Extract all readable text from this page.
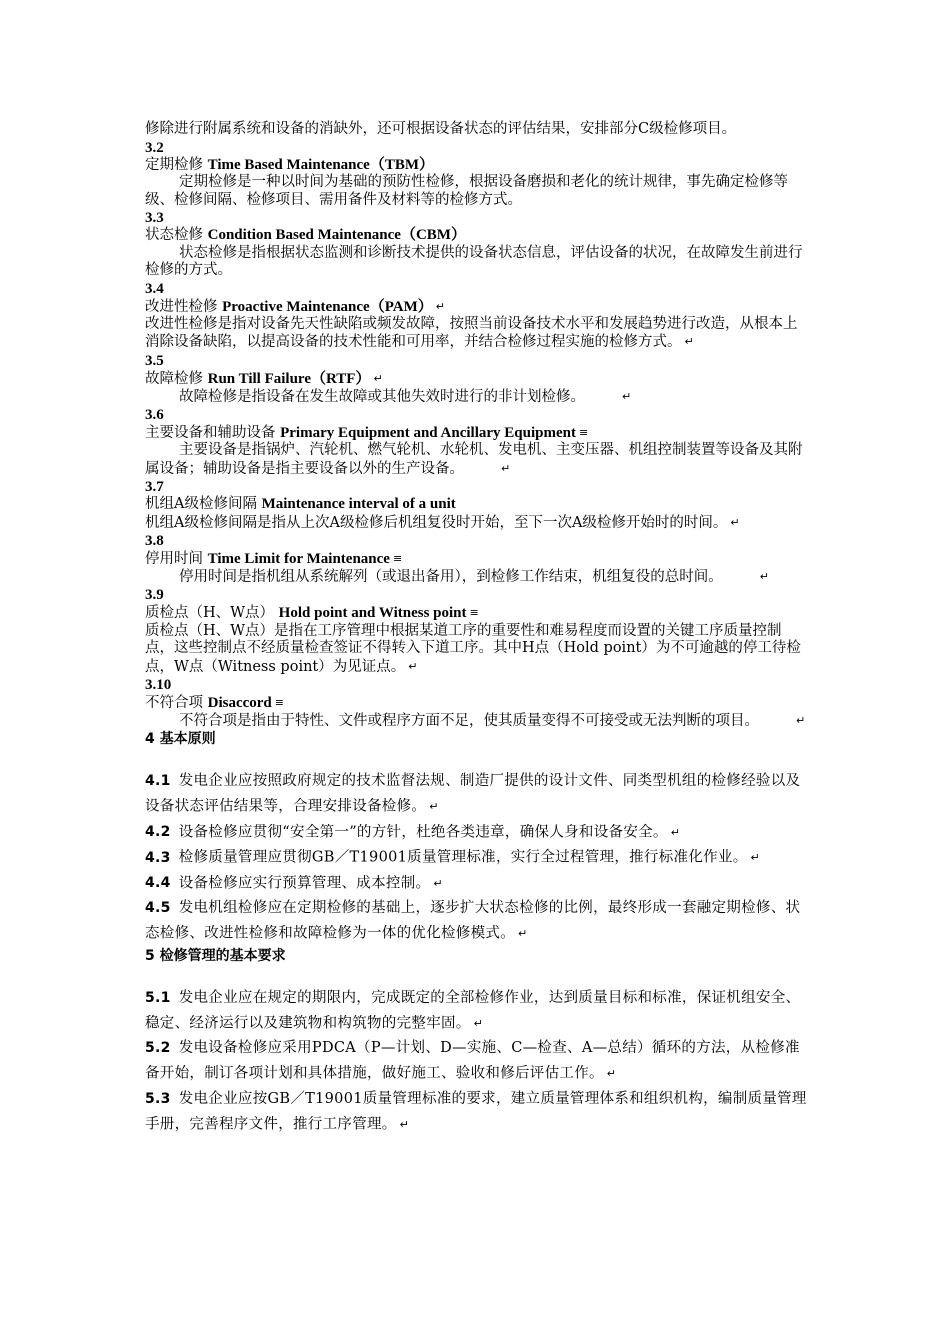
修除进行附属系统和设备的消缺外，还可根据设备状态的评估结果，安排部分C级检修项目。

3.2

定期检修 Time Based Maintenance（TBM）

定期检修是一种以时间为基础的预防性检修，根据设备磨损和老化的统计规律，事先确定检修等级、检修间隔、检修项目、需用备件及材料等的检修方式。

3.3

状态检修 Condition Based Maintenance（CBM）

状态检修是指根据状态监测和诊断技术提供的设备状态信息，评估设备的状况，在故障发生前进行检修的方式。

3.4

改进性检修 Proactive Maintenance（PAM） ↵

改进性检修是指对设备先天性缺陷或频发故障，按照当前设备技术水平和发展趋势进行改造，从根本上消除设备缺陷，以提高设备的技术性能和可用率，并结合检修过程实施的检修方式。 ↵

3.5

故障检修 Run Till Failure（RTF） ↵

故障检修是指设备在发生故障或其他失效时进行的非计划检修。	↵

3.6

主要设备和辅助设备 Primary Equipment and Ancillary Equipment ≡

主要设备是指锅炉、汽轮机、燃气轮机、水轮机、发电机、主变压器、机组控制装置等设备及其附属设备；辅助设备是指主要设备以外的生产设备。	↵

3.7

机组A级检修间隔 Maintenance interval of a unit

机组A级检修间隔是指从上次A级检修后机组复役时开始，至下一次A级检修开始时的时间。 ↵

3.8

停用时间 Time Limit for Maintenance ≡

停用时间是指机组从系统解列（或退出备用），到检修工作结束，机组复役的总时间。	↵

3.9

质检点（H、W点） Hold point and Witness point ≡

质检点（H、W点）是指在工序管理中根据某道工序的重要性和难易程度而设置的关键工序质量控制点，这些控制点不经质量检查签证不得转入下道工序。其中H点（Hold point）为不可逾越的停工待检点，W点（Witness point）为见证点。 ↵

3.10

不符合项 Disaccord ≡

不符合项是指由于特性、文件或程序方面不足，使其质量变得不可接受或无法判断的项目。	↵

4 基本原则

4.1 发电企业应按照政府规定的技术监督法规、制造厂提供的设计文件、同类型机组的检修经验以及设备状态评估结果等，合理安排设备检修。 ↵

4.2 设备检修应贯彻“安全第一”的方针，杜绝各类违章，确保人身和设备安全。 ↵

4.3 检修质量管理应贯彻GB／T19001质量管理标准，实行全过程管理，推行标准化作业。 ↵

4.4 设备检修应实行预算管理、成本控制。 ↵

4.5 发电机组检修应在定期检修的基础上，逐步扩大状态检修的比例，最终形成一套融定期检修、状态检修、改进性检修和故障检修为一体的优化检修模式。 ↵

5 检修管理的基本要求

5.1 发电企业应在规定的期限内，完成既定的全部检修作业，达到质量目标和标准，保证机组安全、稳定、经济运行以及建筑物和构筑物的完整牢固。 ↵

5.2 发电设备检修应采用PDCA（P—计划、D—实施、C—检查、A—总结）循环的方法，从检修准备开始，制订各项计划和具体措施，做好施工、验收和修后评估工作。 ↵

5.3 发电企业应按GB／T19001质量管理标准的要求，建立质量管理体系和组织机构，编制质量管理手册，完善程序文件，推行工序管理。 ↵
